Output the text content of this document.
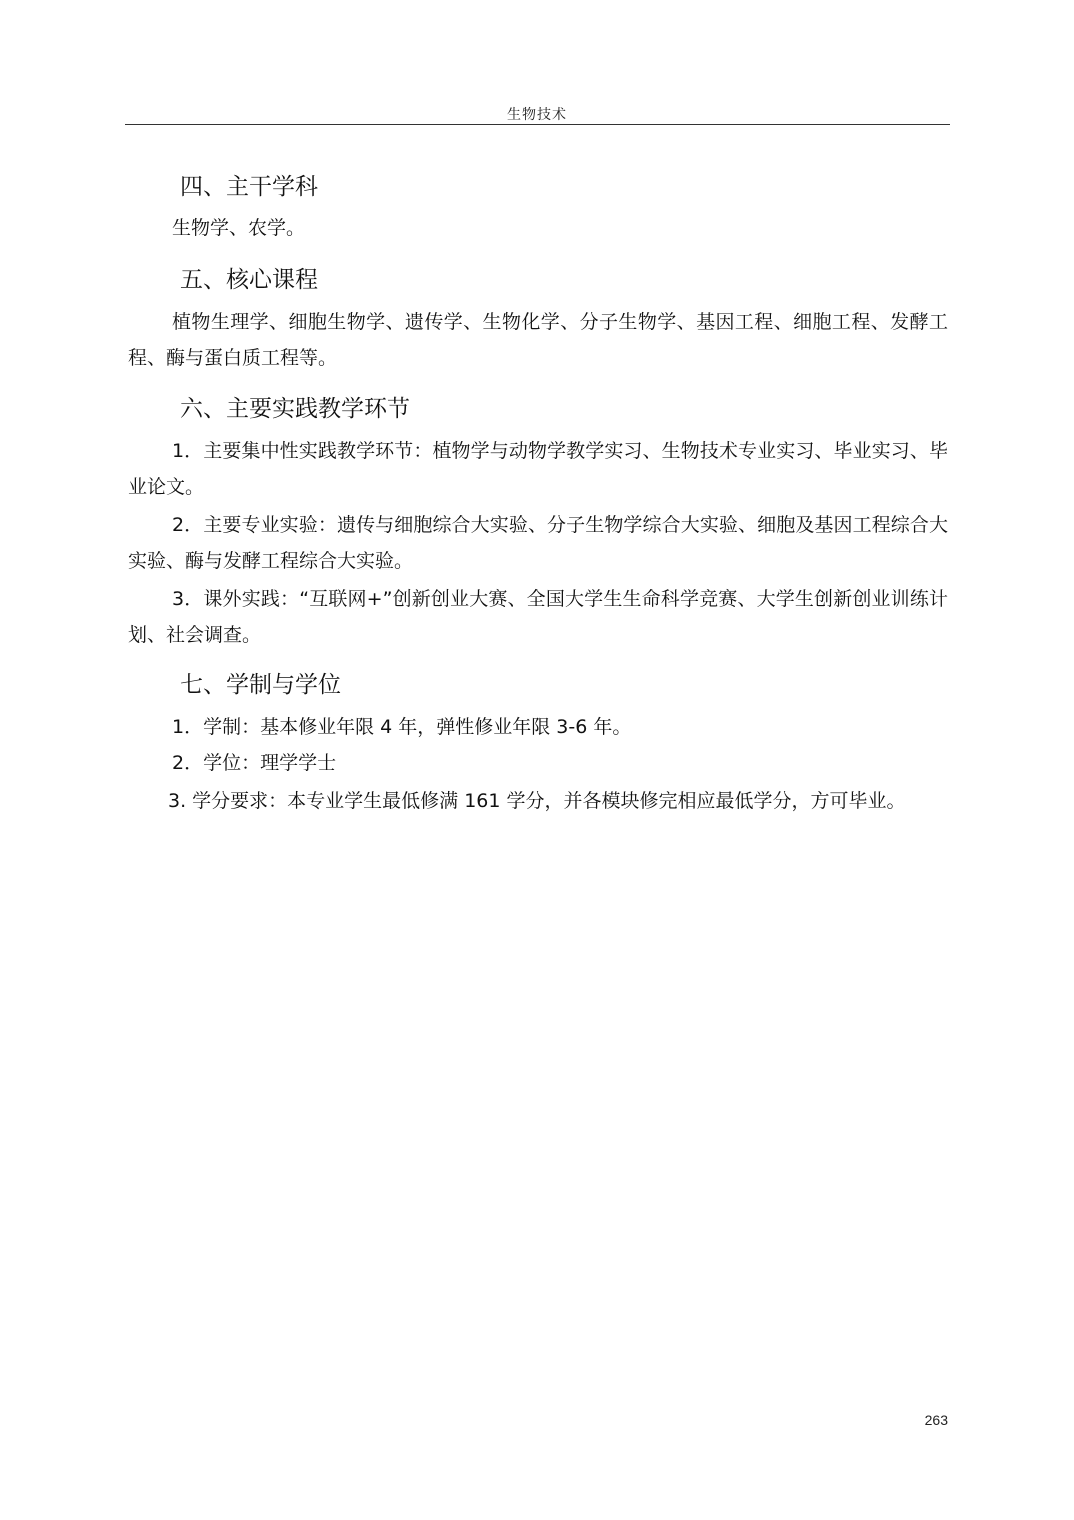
生物技术
四、主干学科
生物学、农学。
五、核心课程

植物生理学、细胞生物学、遗传学、生物化学、分子生物学、基因工程、细胞工程、发酵工程、酶与蛋白质工程等。

六、主要实践教学环节

1．主要集中性实践教学环节：植物学与动物学教学实习、生物技术专业实习、毕业实习、毕业论文。

2．主要专业实验：遗传与细胞综合大实验、分子生物学综合大实验、细胞及基因工程综合大实验、酶与发酵工程综合大实验。

3．课外实践：“互联网+”创新创业大赛、全国大学生生命科学竞赛、大学生创新创业训练计划、社会调查。

七、学制与学位
1．学制：基本修业年限 4 年，弹性修业年限 3-6 年。
2．学位：理学学士
3. 学分要求：本专业学生最低修满 161 学分，并各模块修完相应最低学分，方可毕业。
263
